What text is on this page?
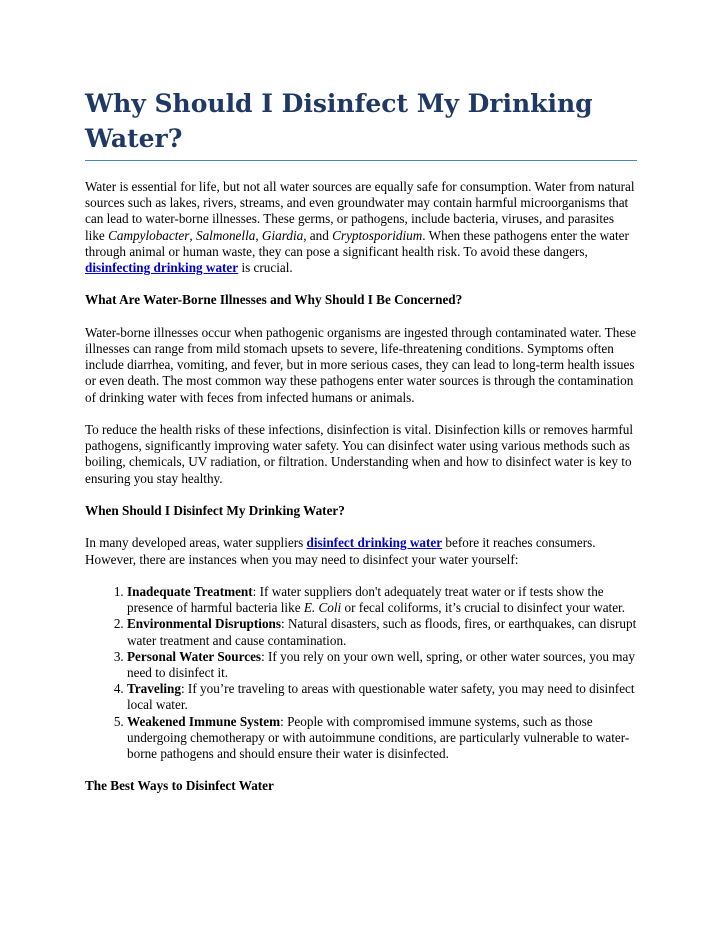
Why Should I Disinfect My Drinking Water?

Water is essential for life, but not all water sources are equally safe for consumption. Water from natural sources such as lakes, rivers, streams, and even groundwater may contain harmful microorganisms that can lead to water-borne illnesses. These germs, or pathogens, include bacteria, viruses, and parasites like Campylobacter, Salmonella, Giardia, and Cryptosporidium. When these pathogens enter the water through animal or human waste, they can pose a significant health risk. To avoid these dangers, disinfecting drinking water is crucial.

What Are Water-Borne Illnesses and Why Should I Be Concerned?

Water-borne illnesses occur when pathogenic organisms are ingested through contaminated water. These illnesses can range from mild stomach upsets to severe, life-threatening conditions. Symptoms often include diarrhea, vomiting, and fever, but in more serious cases, they can lead to long-term health issues or even death. The most common way these pathogens enter water sources is through the contamination of drinking water with feces from infected humans or animals.

To reduce the health risks of these infections, disinfection is vital. Disinfection kills or removes harmful pathogens, significantly improving water safety. You can disinfect water using various methods such as boiling, chemicals, UV radiation, or filtration. Understanding when and how to disinfect water is key to ensuring you stay healthy.

When Should I Disinfect My Drinking Water?

In many developed areas, water suppliers disinfect drinking water before it reaches consumers. However, there are instances when you may need to disinfect your water yourself:

1. Inadequate Treatment: If water suppliers don't adequately treat water or if tests show the presence of harmful bacteria like E. Coli or fecal coliforms, it’s crucial to disinfect your water.
2. Environmental Disruptions: Natural disasters, such as floods, fires, or earthquakes, can disrupt water treatment and cause contamination.
3. Personal Water Sources: If you rely on your own well, spring, or other water sources, you may need to disinfect it.
4. Traveling: If you’re traveling to areas with questionable water safety, you may need to disinfect local water.
5. Weakened Immune System: People with compromised immune systems, such as those undergoing chemotherapy or with autoimmune conditions, are particularly vulnerable to water-borne pathogens and should ensure their water is disinfected.
The Best Ways to Disinfect Water
